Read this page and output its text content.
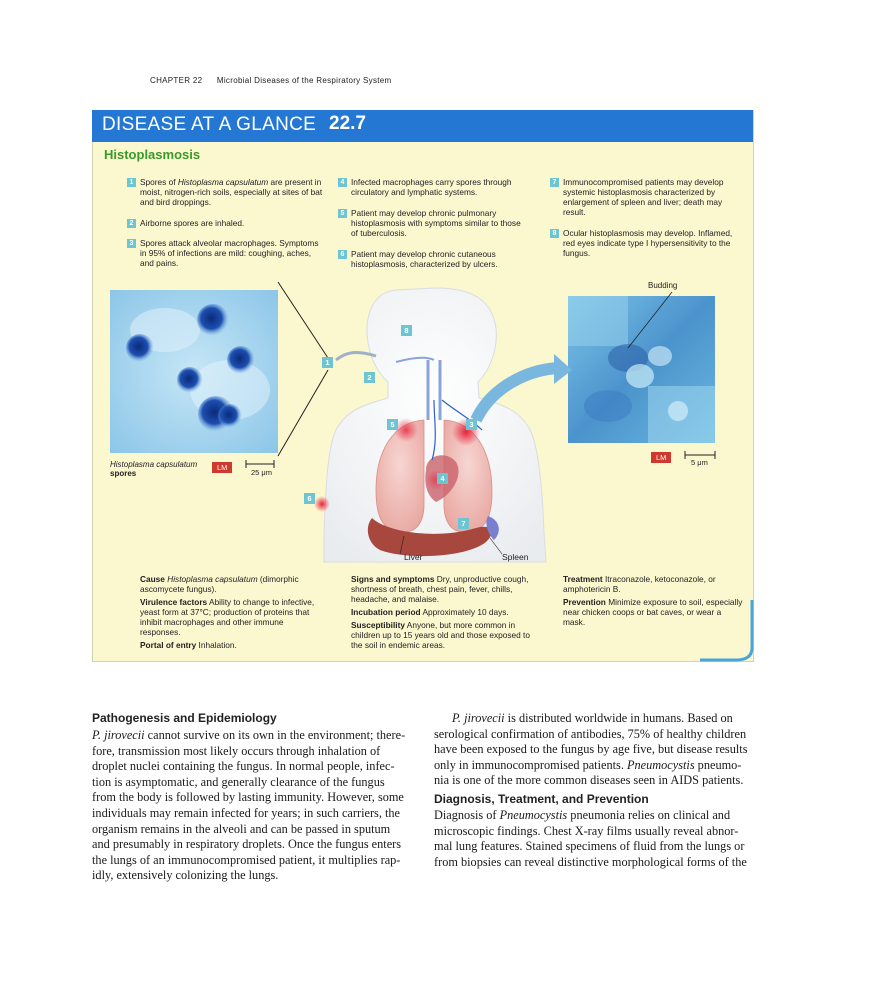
CHAPTER 22 Microbial Diseases of the Respiratory System
DISEASE AT A GLANCE 22.7
Histoplasmosis
1 Spores of Histoplasma capsulatum are present in moist, nitrogen-rich soils, especially at sites of bat and bird droppings.
2 Airborne spores are inhaled.
3 Spores attack alveolar macrophages. Symptoms in 95% of infections are mild: coughing, aches, and pains.
4 Infected macrophages carry spores through circulatory and lymphatic systems.
5 Patient may develop chronic pulmonary histoplasmosis with symptoms similar to those of tuberculosis.
6 Patient may develop chronic cutaneous histoplasmosis, characterized by ulcers.
7 Immunocompromised patients may develop systemic histoplasmosis characterized by enlargement of spleen and liver; death may result.
8 Ocular histoplasmosis may develop. Inflamed, red eyes indicate type I hypersensitivity to the fungus.
Histoplasma capsulatum
spores
LM
25 μm
Budding
LM
5 μm
8
1
2
5	3
4
6
7
Liver	Spleen

Cause Histoplasma capsulatum (dimorphic ascomycete fungus).

Virulence factors Ability to change to infective, yeast form at 37°C; production of proteins that inhibit macrophages and other immune responses.

Portal of entry Inhalation.

Signs and symptoms Dry, unproductive cough, shortness of breath, chest pain, fever, chills, headache, and malaise.

Incubation period Approximately 10 days.

Susceptibility Anyone, but more common in children up to 15 years old and those exposed to the soil in endemic areas.

Treatment Itraconazole, ketoconazole, or amphotericin B.

Prevention Minimize exposure to soil, especially near chicken coops or bat caves, or wear a mask.

Pathogenesis and Epidemiology
P. jirovecii cannot survive on its own in the environment; there-
fore, transmission most likely occurs through inhalation of
droplet nuclei containing the fungus. In normal people, infec-
tion is asymptomatic, and generally clearance of the fungus
from the body is followed by lasting immunity. However, some
individuals may remain infected for years; in such carriers, the
organism remains in the alveoli and can be passed in sputum
and presumably in respiratory droplets. Once the fungus enters
the lungs of an immunocompromised patient, it multiplies rap-
idly, extensively colonizing the lungs.
P. jirovecii is distributed worldwide in humans. Based on
serological confirmation of antibodies, 75% of healthy children
have been exposed to the fungus by age five, but disease results
only in immunocompromised patients. Pneumocystis pneumo-
nia is one of the more common diseases seen in AIDS patients.
Diagnosis, Treatment, and Prevention
Diagnosis of Pneumocystis pneumonia relies on clinical and
microscopic findings. Chest X-ray films usually reveal abnor-
mal lung features. Stained specimens of fluid from the lungs or
from biopsies can reveal distinctive morphological forms of the
